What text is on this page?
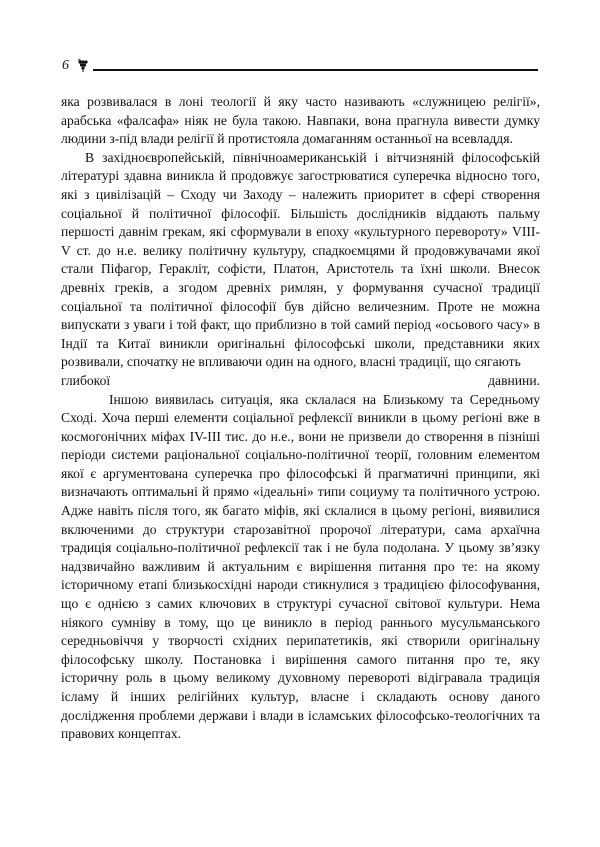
6

яка розвивалася в лоні теології й яку часто називають «служницею релігії», арабська «фалсафа» ніяк не була такою. Навпаки, вона прагнула вивести думку людини з-під влади релігії й протистояла домаганням останньої на всевладдя.

В західноєвропейській, північноамериканській і вітчизняній філософській літературі здавна виникла й продовжує загострюватися суперечка відносно того, які з цивілізацій – Сходу чи Заходу – належить приоритет в сфері створення соціальної й політичної філософії. Більшість дослідників віддають пальму першості давнім грекам, які сформували в епоху «культурного перевороту» VIII-V ст. до н.е. велику політичну культуру, спадкоємцями й продовжувачами якої стали Піфагор, Геракліт, софісти, Платон, Аристотель та їхні школи. Внесок древніх греків, а згодом древніх римлян, у формування сучасної традиції соціальної та політичної філософії був дійсно величезним. Проте не можна випускати з уваги і той факт, що приблизно в той самий період «осьового часу» в Індії та Китаї виникли оригінальні філософські школи, представники яких розвивали, спочатку не впливаючи один на одного, власні традиції, що сягають

глибокої	давнини.

Іншою виявилась ситуація, яка склалася на Близькому та Середньому Сході. Хоча перші елементи соціальної рефлексії виникли в цьому регіоні вже в космогонічних міфах IV-III тис. до н.е., вони не призвели до створення в пізніші періоди системи раціональної соціально-політичної теорії, головним елементом якої є аргументована суперечка про філософські й прагматичні принципи, які визначають оптимальні й прямо «ідеальні» типи социуму та політичного устрою. Адже навіть після того, як багато міфів, які склалися в цьому регіоні, виявилися включеними до структури старозавітної пророчої літератури, сама архаїчна традиція соціально-політичної рефлексії так і не була подолана. У цьому зв’язку надзвичайно важливим й актуальним є вирішення питання про те: на якому історичному етапі близькосхідні народи стикнулися з традицією філософування, що є однією з самих ключових в структурі сучасної світової культури. Нема ніякого сумніву в тому, що це виникло в період раннього мусульманського середньовіччя у творчості східних перипатетиків, які створили оригінальну філософську школу. Постановка і вирішення самого питання про те, яку історичну роль в цьому великому духовному перевороті відігравала традиція ісламу й інших релігійних культур, власне і складають основу даного дослідження проблеми держави і влади в ісламських філософсько-теологічних та правових концептах.
